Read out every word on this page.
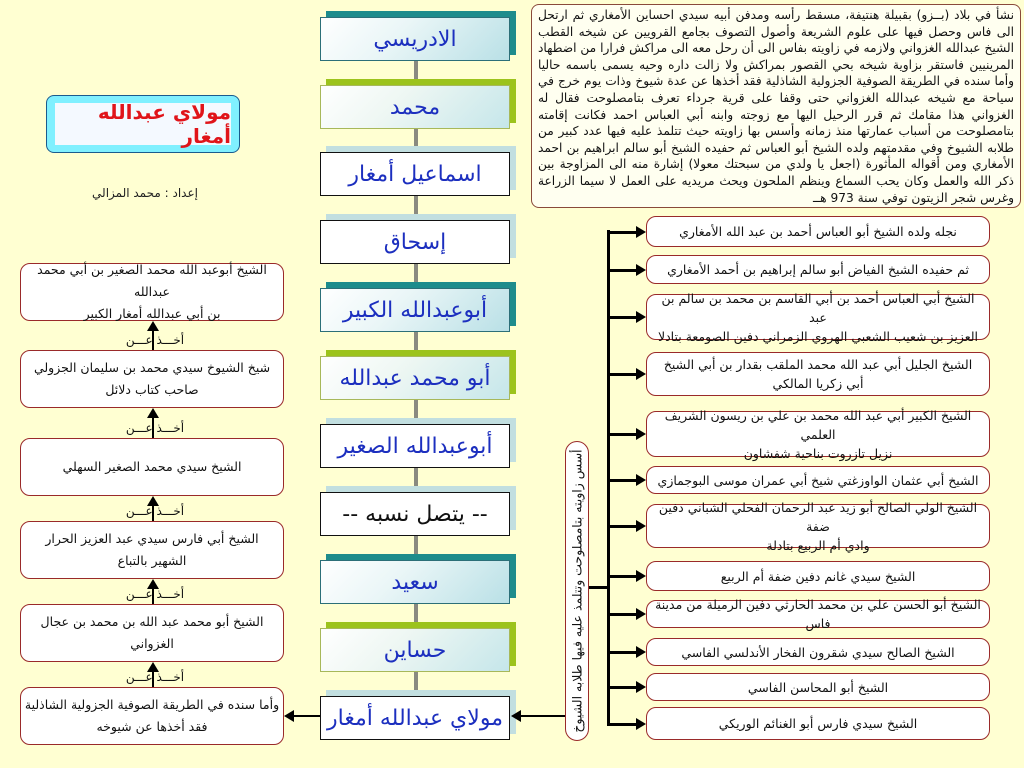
نشأ في بلاد (بــزو) بقبيلة هنتيفة، مسقط رأسه ومدفن أبيه سيدي احساين الأمغاري ثم ارتحل الى فاس وحصل فيها على علوم الشريعة وأصول التصوف بجامع القرويين عن شيخه القطب الشيخ عبدالله الغزواني ولازمه في زاويته بفاس الى أن رحل معه الى مراكش فرارا من اضطهاد المرينيين فاستقر بزاوية شيخه بحي القصور بمراكش ولا زالت داره وحيه يسمى باسمه حاليا وأما سنده في الطريقة الصوفية الجزولية الشاذلية فقد أخذها عن عدة شيوخ وذات يوم خرج في سياحة مع شيخه عبدالله الغزواني حتى وقفا على قرية جرداء تعرف بتامصلوحت فقال له الغزواني هذا مقامك ثم قرر الرحيل اليها مع زوجته وابنه أبي العباس احمد فكانت إقامته بتامصلوحت من أسباب عمارتها منذ زمانه وأسس بها زاويته حيث تتلمذ عليه فيها عدد كبير من طلابه الشيوخ وفي مقدمتهم ولده الشيخ أبو العباس ثم حفيده الشيخ أبو سالم ابراهيم بن احمد الأمغاري ومن أقواله المأثورة (اجعل يا ولدي من سبحتك معولا) إشارة منه الى المزاوجة بين ذكر الله والعمل وكان يحب السماع وينظم الملحون ويحث مريديه على العمل لا سيما الزراعة وغرس شجر الزيتون توفي سنة 973 هــ
مولاي عبدالله أمغار
إعداد : محمد المزالي
الادريسي
محمد
اسماعيل أمغار
إسحاق
أبوعبدالله الكبير
أبو محمد عبدالله
أبوعبدالله الصغير
-- يتصل نسبه --
سعيد
حساين
مولاي عبدالله أمغار
الشيخ أبوعبد الله محمد الصغير بن أبي محمد عبدالله
بن أبي عبدالله أمغار الكبير
شيخ الشيوخ سيدي محمد بن سليمان الجزولي
صاحب كتاب دلائل
أخـــذ عـــن
الشيخ سيدي محمد الصغير السهلي
أخـــذ عـــن
الشيخ أبي فارس سيدي عبد العزيز الحرار
الشهير بالتباع
أخـــذ عـــن
الشيخ أبو محمد عبد الله بن محمد بن عجال الغزواني
أخـــذ عـــن
وأما سنده في الطريقة الصوفية الجزولية الشاذلية
فقد أخذها عن شيوخه
أخـــذ عـــن	أسس زاويته بتامصلوحت وتتلمذ عليه فيها طلابه الشيوخ
نجله ولده الشيخ أبو العباس أحمد بن عبد الله الأمغاري
ثم حفيده الشيخ الفياض أبو سالم إبراهيم بن أحمد الأمغاري
الشيخ أبي العباس أحمد بن أبي القاسم بن محمد بن سالم بن عبد
العزيز بن شعيب الشعبي الهروي الزمراني دفين الصومعة بتادلا
الشيخ الجليل أبي عبد الله محمد الملقب بقدار بن أبي الشيخ
أبي زكريا المالكي
الشيخ الكبير أبي عبد الله محمد بن علي بن ريسون الشريف العلمي
نزيل تازروت بناحية شفشاون
الشيخ أبي عثمان الواوزغتي شيخ أبي عمران موسى البوجمازي
الشيخ الولي الصالح أبو زيد عبد الرحمان الفحلي الشباني دفين ضفة
وادي أم الربيع بتادلة
الشيخ سيدي غانم دفين ضفة أم الربيع
الشيخ أبو الحسن علي بن محمد الحارثي دفين الرميلة من مدينة فاس
الشيخ الصالح سيدي شقرون الفخار الأندلسي الفاسي
الشيخ أبو المحاسن الفاسي
الشيخ سيدي فارس أبو الغنائم الوريكي
